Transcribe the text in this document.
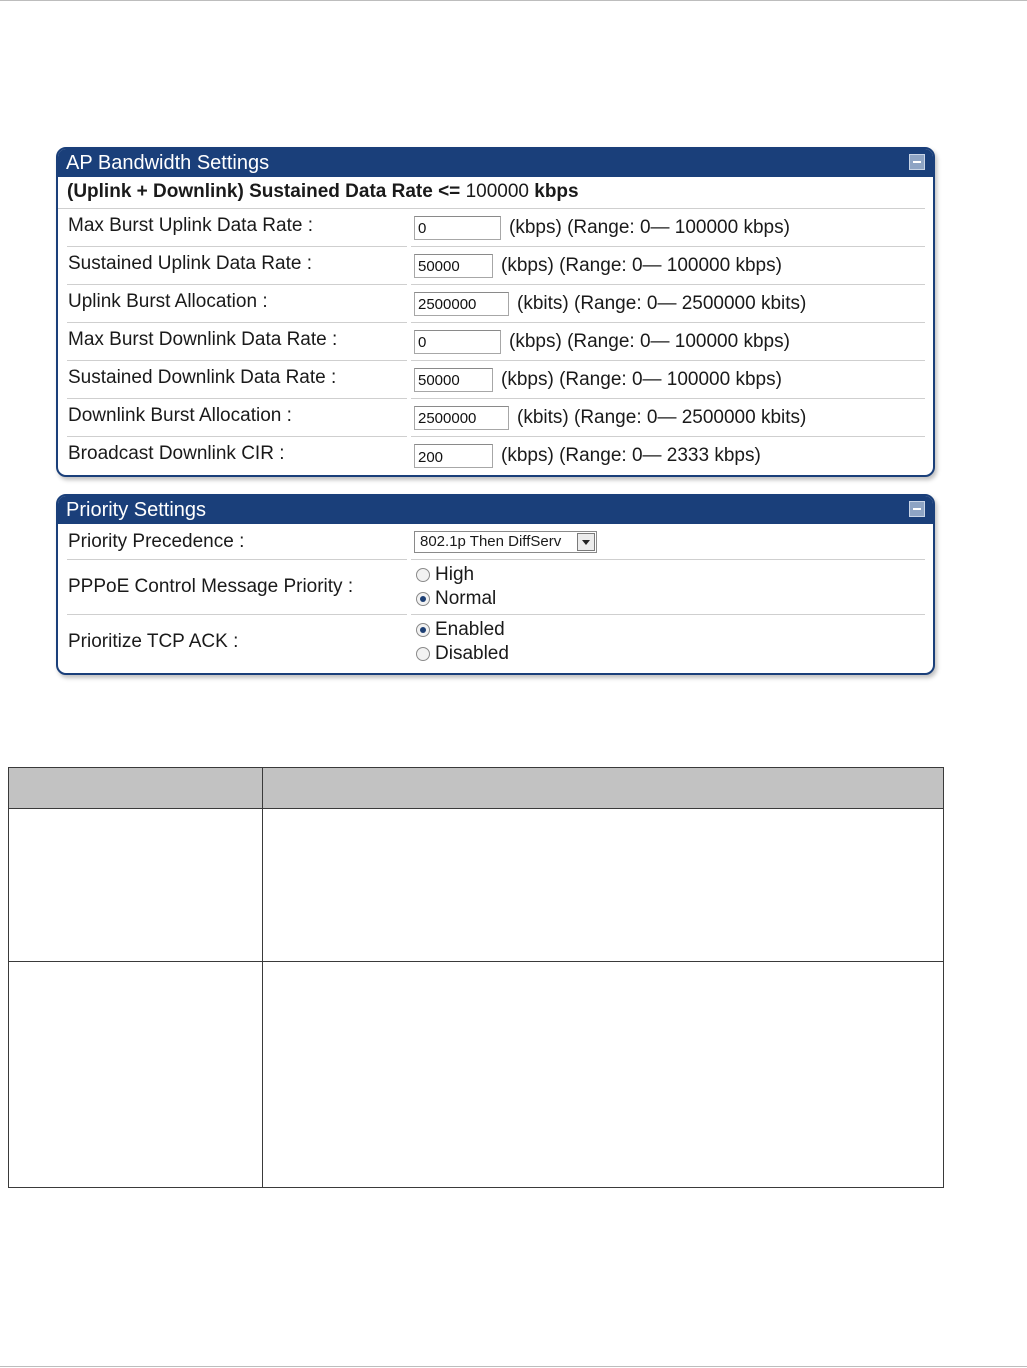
AP Bandwidth Settings
(Uplink + Downlink) Sustained Data Rate <= 100000 kbps
Max Burst Uplink Data Rate :
0	(kbps) (Range: 0— 100000 kbps)
Sustained Uplink Data Rate :
50000	(kbps) (Range: 0— 100000 kbps)
Uplink Burst Allocation :
2500000	(kbits) (Range: 0— 2500000 kbits)
Max Burst Downlink Data Rate :
0	(kbps) (Range: 0— 100000 kbps)
Sustained Downlink Data Rate :
50000	(kbps) (Range: 0— 100000 kbps)
Downlink Burst Allocation :
2500000	(kbits) (Range: 0— 2500000 kbits)
Broadcast Downlink CIR :
200	(kbps) (Range: 0— 2333 kbps)
Priority Settings
Priority Precedence :	802.1p Then DiffServ
PPPoE Control Message Priority :
High
Normal
Prioritize TCP ACK :
Enabled
Disabled
